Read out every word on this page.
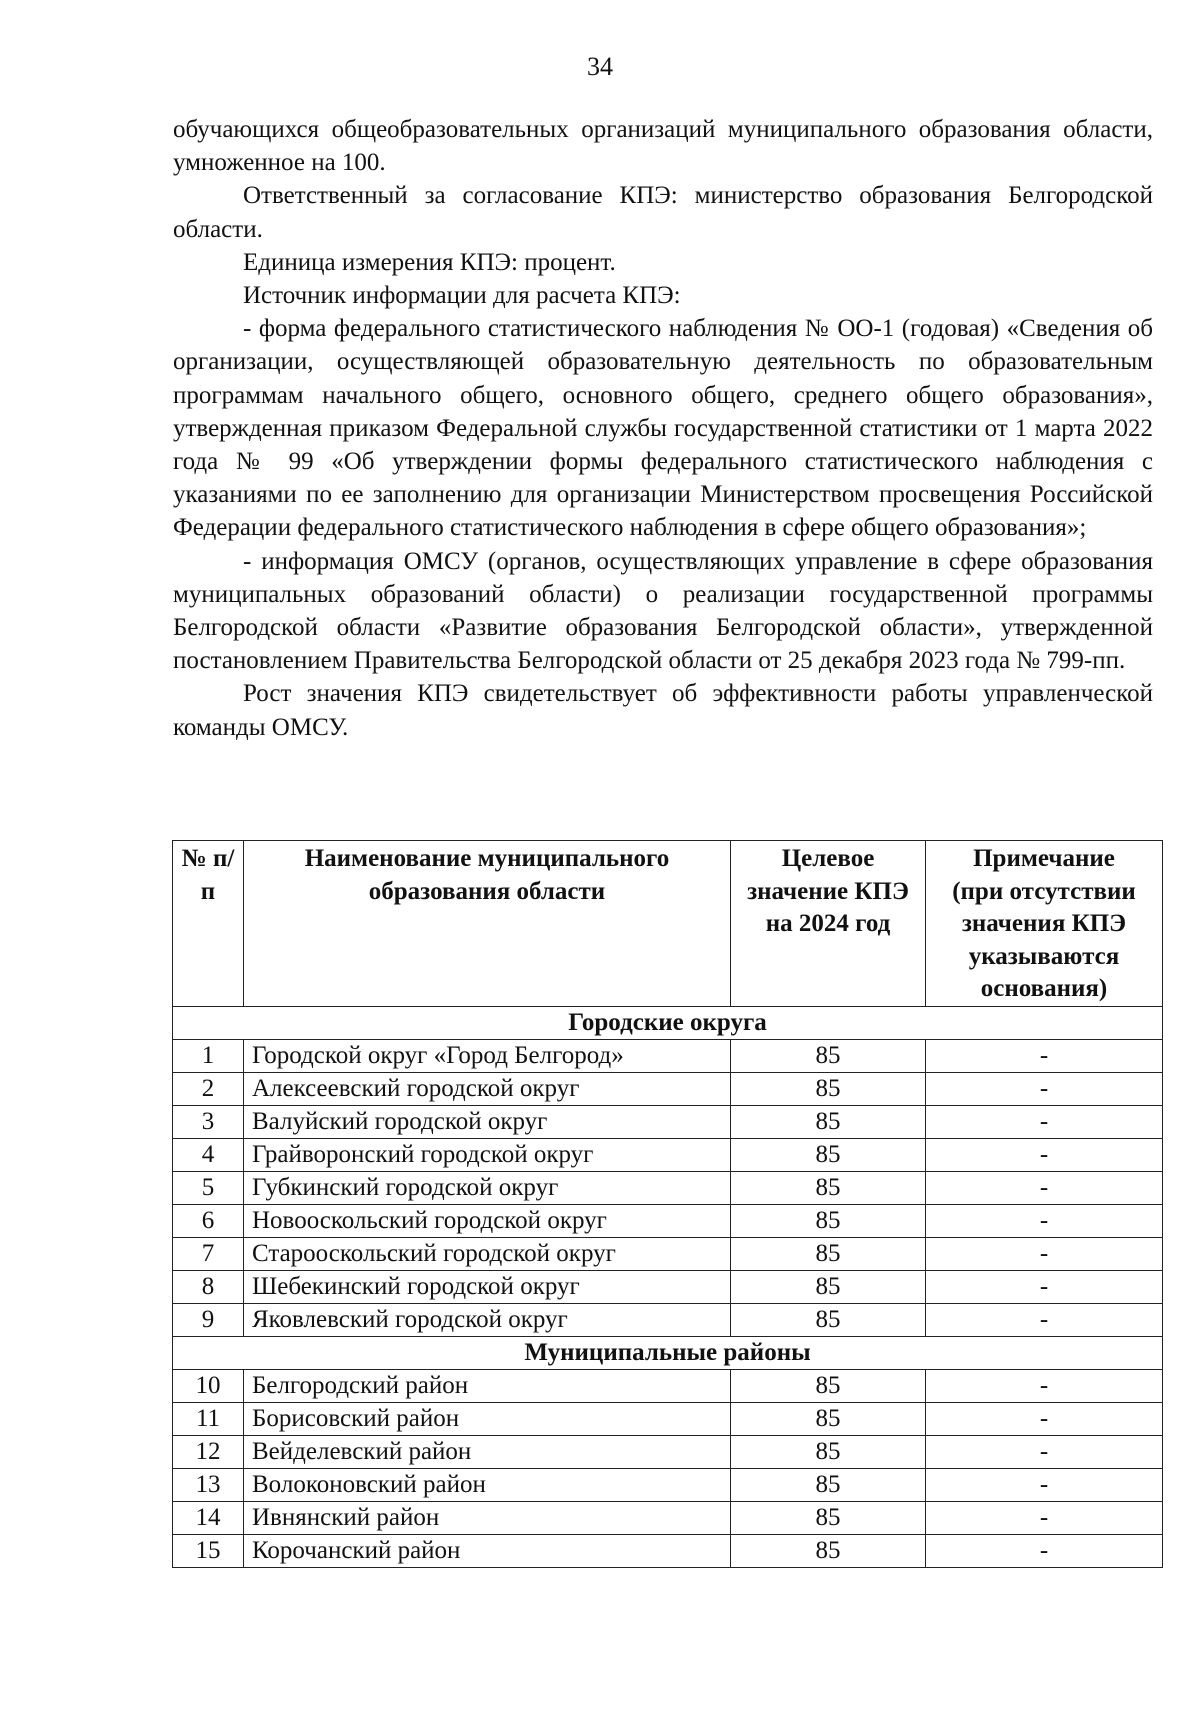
34

обучающихся общеобразовательных организаций муниципального образования области, умноженное на 100.

Ответственный за согласование КПЭ: министерство образования Белгородской области.

Единица измерения КПЭ: процент.

Источник информации для расчета КПЭ:

- форма федерального статистического наблюдения № ОО-1 (годовая) «Сведения об организации, осуществляющей образовательную деятельность по образовательным программам начального общего, основного общего, среднего общего образования», утвержденная приказом Федеральной службы государственной статистики от 1 марта 2022 года № 99 «Об утверждении формы федерального статистического наблюдения с указаниями по ее заполнению для организации Министерством просвещения Российской Федерации федерального статистического наблюдения в сфере общего образования»;

- информация ОМСУ (органов, осуществляющих управление в сфере образования муниципальных образований области) о реализации государственной программы Белгородской области «Развитие образования Белгородской области», утвержденной постановлением Правительства Белгородской области от 25 декабря 2023 года № 799-пп.

Рост значения КПЭ свидетельствует об эффективности работы управленческой команды ОМСУ.

№ п/п	Наименование муниципального образования области	Целевое значение КПЭ на 2024 год	Примечание
(при отсутствии значения КПЭ указываются основания)
Городские округа			
1	Городской округ «Город Белгород»	85	-
2	Алексеевский городской округ	85	-
3	Валуйский городской округ	85	-
4	Грайворонский городской округ	85	-
5	Губкинский городской округ	85	-
6	Новооскольский городской округ	85	-
7	Старооскольский городской округ	85	-
8	Шебекинский городской округ	85	-
9	Яковлевский городской округ	85	-
Муниципальные районы			
10	Белгородский район	85	-
11	Борисовский район	85	-
12	Вейделевский район	85	-
13	Волоконовский район	85	-
14	Ивнянский район	85	-
15	Корочанский район	85	-
